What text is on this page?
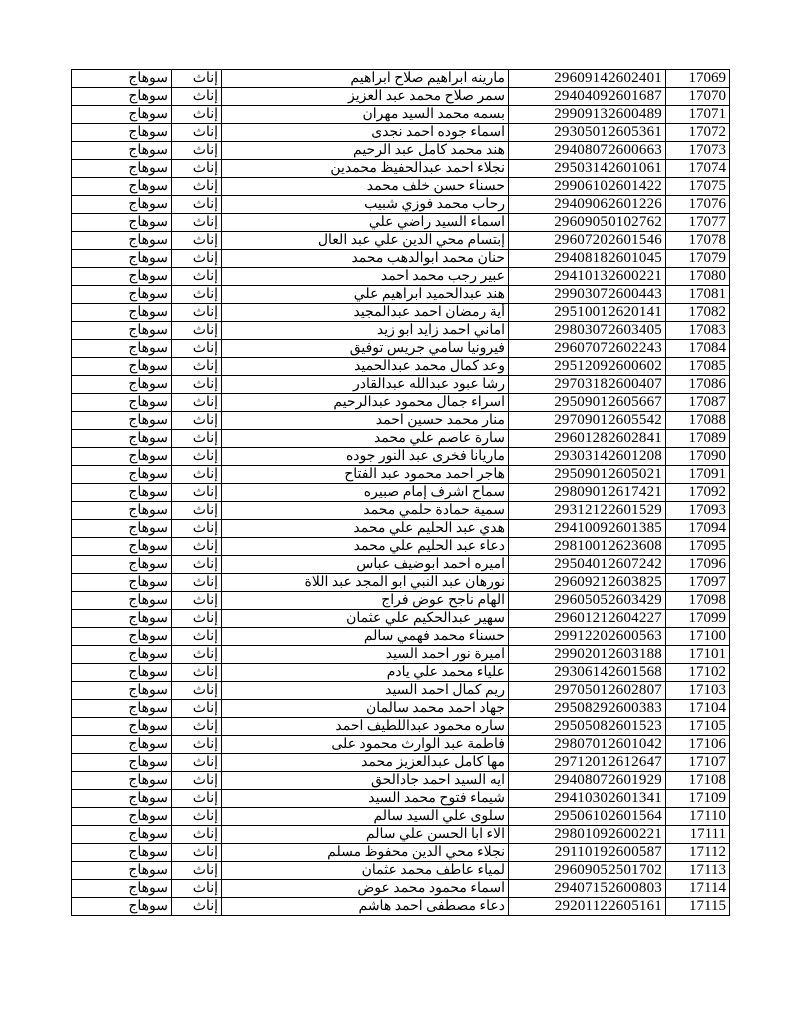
سوهاج	إناث	مارينه ابراهيم صلاح ابراهيم	29609142602401	17069
سوهاج	إناث	سمر صلاح محمد عبد العزيز	29404092601687	17070
سوهاج	إناث	بسمه محمد السيد مهران	29909132600489	17071
سوهاج	إناث	اسماء جوده احمد نجدى	29305012605361	17072
سوهاج	إناث	هند محمد كامل عبد الرحيم	29408072600663	17073
سوهاج	إناث	نجلاء احمد عبدالحفيظ محمدين	29503142601061	17074
سوهاج	إناث	حسناء حسن خلف محمد	29906102601422	17075
سوهاج	إناث	رحاب محمد فوزي شبيب	29409062601226	17076
سوهاج	إناث	اسماء السيد راضي علي	29609050102762	17077
سوهاج	إناث	إبتسام محي الدين علي عبد العال	29607202601546	17078
سوهاج	إناث	حنان محمد ابوالدهب محمد	29408182601045	17079
سوهاج	إناث	عبير رجب محمد احمد	29410132600221	17080
سوهاج	إناث	هند عبدالحميد ابراهيم علي	29903072600443	17081
سوهاج	إناث	أية رمضان احمد عبدالمجيد	29510012620141	17082
سوهاج	إناث	اماني احمد زايد ابو زيد	29803072603405	17083
سوهاج	إناث	فيرونيا سامي جريس توفيق	29607072602243	17084
سوهاج	إناث	وعد كمال محمد عبدالحميد	29512092600602	17085
سوهاج	إناث	رشا عبود عبدالله عبدالقادر	29703182600407	17086
سوهاج	إناث	اسراء جمال محمود عبدالرحيم	29509012605667	17087
سوهاج	إناث	منار محمد حسين احمد	29709012605542	17088
سوهاج	إناث	سارة عاصم علي محمد	29601282602841	17089
سوهاج	إناث	ماريانا فخرى عبد النور جوده	29303142601208	17090
سوهاج	إناث	هاجر احمد محمود عبد الفتاح	29509012605021	17091
سوهاج	إناث	سماح اشرف إمام صبيره	29809012617421	17092
سوهاج	إناث	سمية حمادة حلمي محمد	29312122601529	17093
سوهاج	إناث	هدي عبد الحليم علي محمد	29410092601385	17094
سوهاج	إناث	دعاء عبد الحليم علي محمد	29810012623608	17095
سوهاج	إناث	اميره احمد ابوضيف عباس	29504012607242	17096
سوهاج	إناث	نورهان عبد النبي ابو المجد عبد اللاة	29609212603825	17097
سوهاج	إناث	الهام ناجح عوض فراج	29605052603429	17098
سوهاج	إناث	سهير عبدالحكيم علي عثمان	29601212604227	17099
سوهاج	إناث	حسناء محمد فهمي سالم	29912202600563	17100
سوهاج	إناث	اميرة نور احمد السيد	29902012603188	17101
سوهاج	إناث	علياء محمد علي يادم	29306142601568	17102
سوهاج	إناث	ريم كمال احمد السيد	29705012602807	17103
سوهاج	إناث	جهاد احمد محمد سالمان	29508292600383	17104
سوهاج	إناث	ساره محمود عبداللطيف احمد	29505082601523	17105
سوهاج	إناث	فاطمة عبد الوارث محمود على	29807012601042	17106
سوهاج	إناث	مها كامل عبدالعزيز محمد	29712012612647	17107
سوهاج	إناث	ايه السيد احمد جادالحق	29408072601929	17108
سوهاج	إناث	شيماء فتوح محمد السيد	29410302601341	17109
سوهاج	إناث	سلوى علي السيد سالم	29506102601564	17110
سوهاج	إناث	الاء ابا الحسن علي سالم	29801092600221	17111
سوهاج	إناث	نجلاء محي الدين محفوظ مسلم	29110192600587	17112
سوهاج	إناث	لمياء عاطف محمد عثمان	29609052501702	17113
سوهاج	إناث	اسماء محمود محمد عوض	29407152600803	17114
سوهاج	إناث	دعاء مصطفى احمد هاشم	29201122605161	17115
